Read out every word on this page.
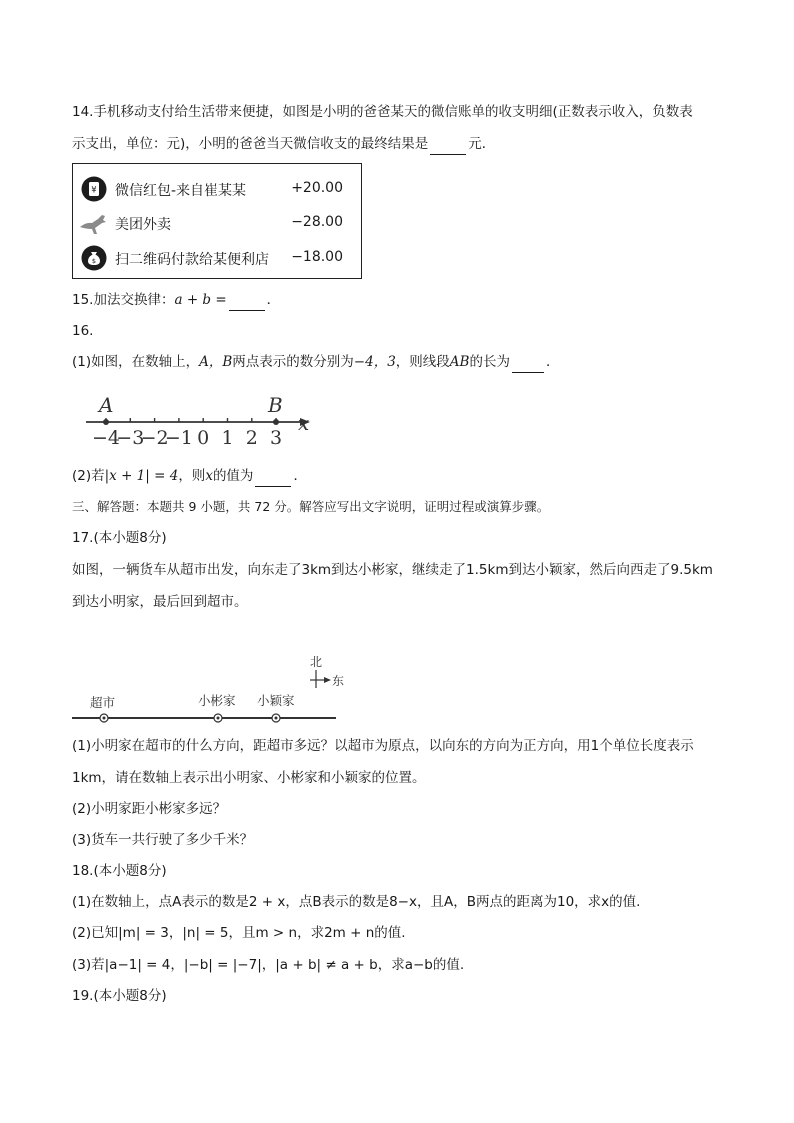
14.手机移动支付给生活带来便捷，如图是小明的爸爸某天的微信账单的收支明细(正数表示收入，负数表
示支出，单位：元)，小明的爸爸当天微信收支的最终结果是	元．
¥ 微信红包-来自崔某某	+20.00
美团外卖	−28.00
$ 扫二维码付款给某便利店 −18.00
15.加法交换律：a + b =	．
16.
(1)如图，在数轴上，A，B两点表示的数分别为−4，3，则线段AB的长为	．
x
−4
−3
−2
−1 0 1 2 3
A	B
(2)若|x + 1| = 4，则x的值为	．
三、解答题：本题共 9 小题，共 72 分。解答应写出文字说明，证明过程或演算步骤。
17.(本小题8分)
如图，一辆货车从超市出发，向东走了3km到达小彬家，继续走了1.5km到达小颖家，然后向西走了9.5km
到达小明家，最后回到超市。
北
东
超市	小彬家 小颖家
(1)小明家在超市的什么方向，距超市多远？以超市为原点，以向东的方向为正方向，用1个单位长度表示
1km，请在数轴上表示出小明家、小彬家和小颖家的位置。
(2)小明家距小彬家多远？
(3)货车一共行驶了多少千米？
18.(本小题8分)
(1)在数轴上，点A表示的数是2 + x，点B表示的数是8−x，且A，B两点的距离为10，求x的值.
(2)已知|m| = 3，|n| = 5，且m > n，求2m + n的值.
(3)若|a−1| = 4，|−b| = |−7|，|a + b| ≠ a + b，求a−b的值.
19.(本小题8分)
